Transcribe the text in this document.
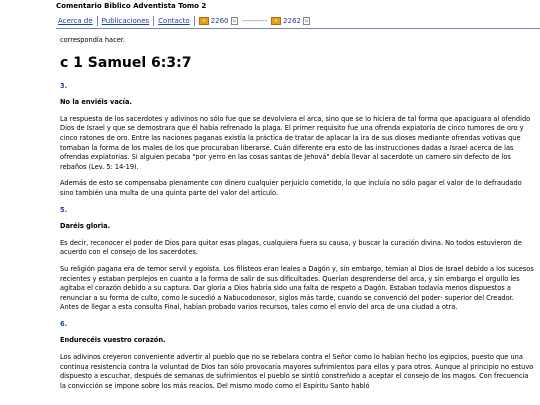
Comentario Biblico Adventista Tomo 2
Acerca de	Publicaciones	Contacto	« 2260 ▫ ----------	» 2262 ▫

correspondía hacer.

c 1 Samuel 6:3:7
3.

No la enviéis vacía.

La respuesta de los sacerdotes y adivinos no sólo fue que se devolviera el arca, sino que se lo hiciera de tal forma que apaciguara al ofendido Dios de Israel y que se demostrara que él había refrenado la plaga. El primer requisito fue una ofrenda expiatoria de cinco tumores de oro y cinco ratones de oro. Entre las naciones paganas existía la práctica de tratar de aplacar la ira de sus dioses mediante ofrendas votivas que tomaban la forma de los males de los que procuraban liberarse. Cuán diferente era esto de las instrucciones dadas a Israel acerca de las ofrendas expiatorias. Si alguien pecaba "por yerro en las cosas santas de Jehová" debía llevar al sacerdote un carnero sin defecto de los rebaños (Lev. 5: 14-19).

Además de esto se compensaba plenamente con dinero cualquier perjuicio cometido, lo que incluía no sólo pagar el valor de lo defraudado sino también una multa de una quinta parte del valor del artículo.

5.

Daréis gloria.

Es decir, reconocer el poder de Dios para quitar esas plagas, cualquiera fuera su causa, y buscar la curación divina. No todos estuvieron de acuerdo con el consejo de los sacerdotes.

Su religión pagana era de temor servil y egoísta. Los filisteos eran leales a Dagón y, sin embargo, temían al Dios de Israel debido a los sucesos recientes y estaban perplejos en cuanto a la forma de salir de sus dificultades. Querían desprenderse del arca, y sin embargo el orgullo les agitaba el corazón debido a su captura. Dar gloria a Dios habría sido una falta de respeto a Dagón. Estaban todavía menos dispuestos a renunciar a su forma de culto, como le sucedió a Nabucodonosor, siglos más tarde, cuando se convenció del poder· superior del Creador. Antes de llegar a esta consulta Final, habían probado varios recursos, tales como el envío del arca de una ciudad a otra.

6.

Endurecéis vuestro corazón.

Los adivinos creyeron conveniente advertir al pueblo que no se rebelara contra el Señor como lo habían hecho los egipcios, puesto que una continua resistencia contra la voluntad de Dios tan sólo provocaría mayores sufrimientos para ellos y para otros. Aunque al principio no estuvo dispuesto a escuchar, después de semanas de sufrimientos el pueblo se sintió constreñido a aceptar el consejo de los magos. Con frecuencia la convicción se impone sobre los más reacios. Del mismo modo como el Espíritu Santo habló
